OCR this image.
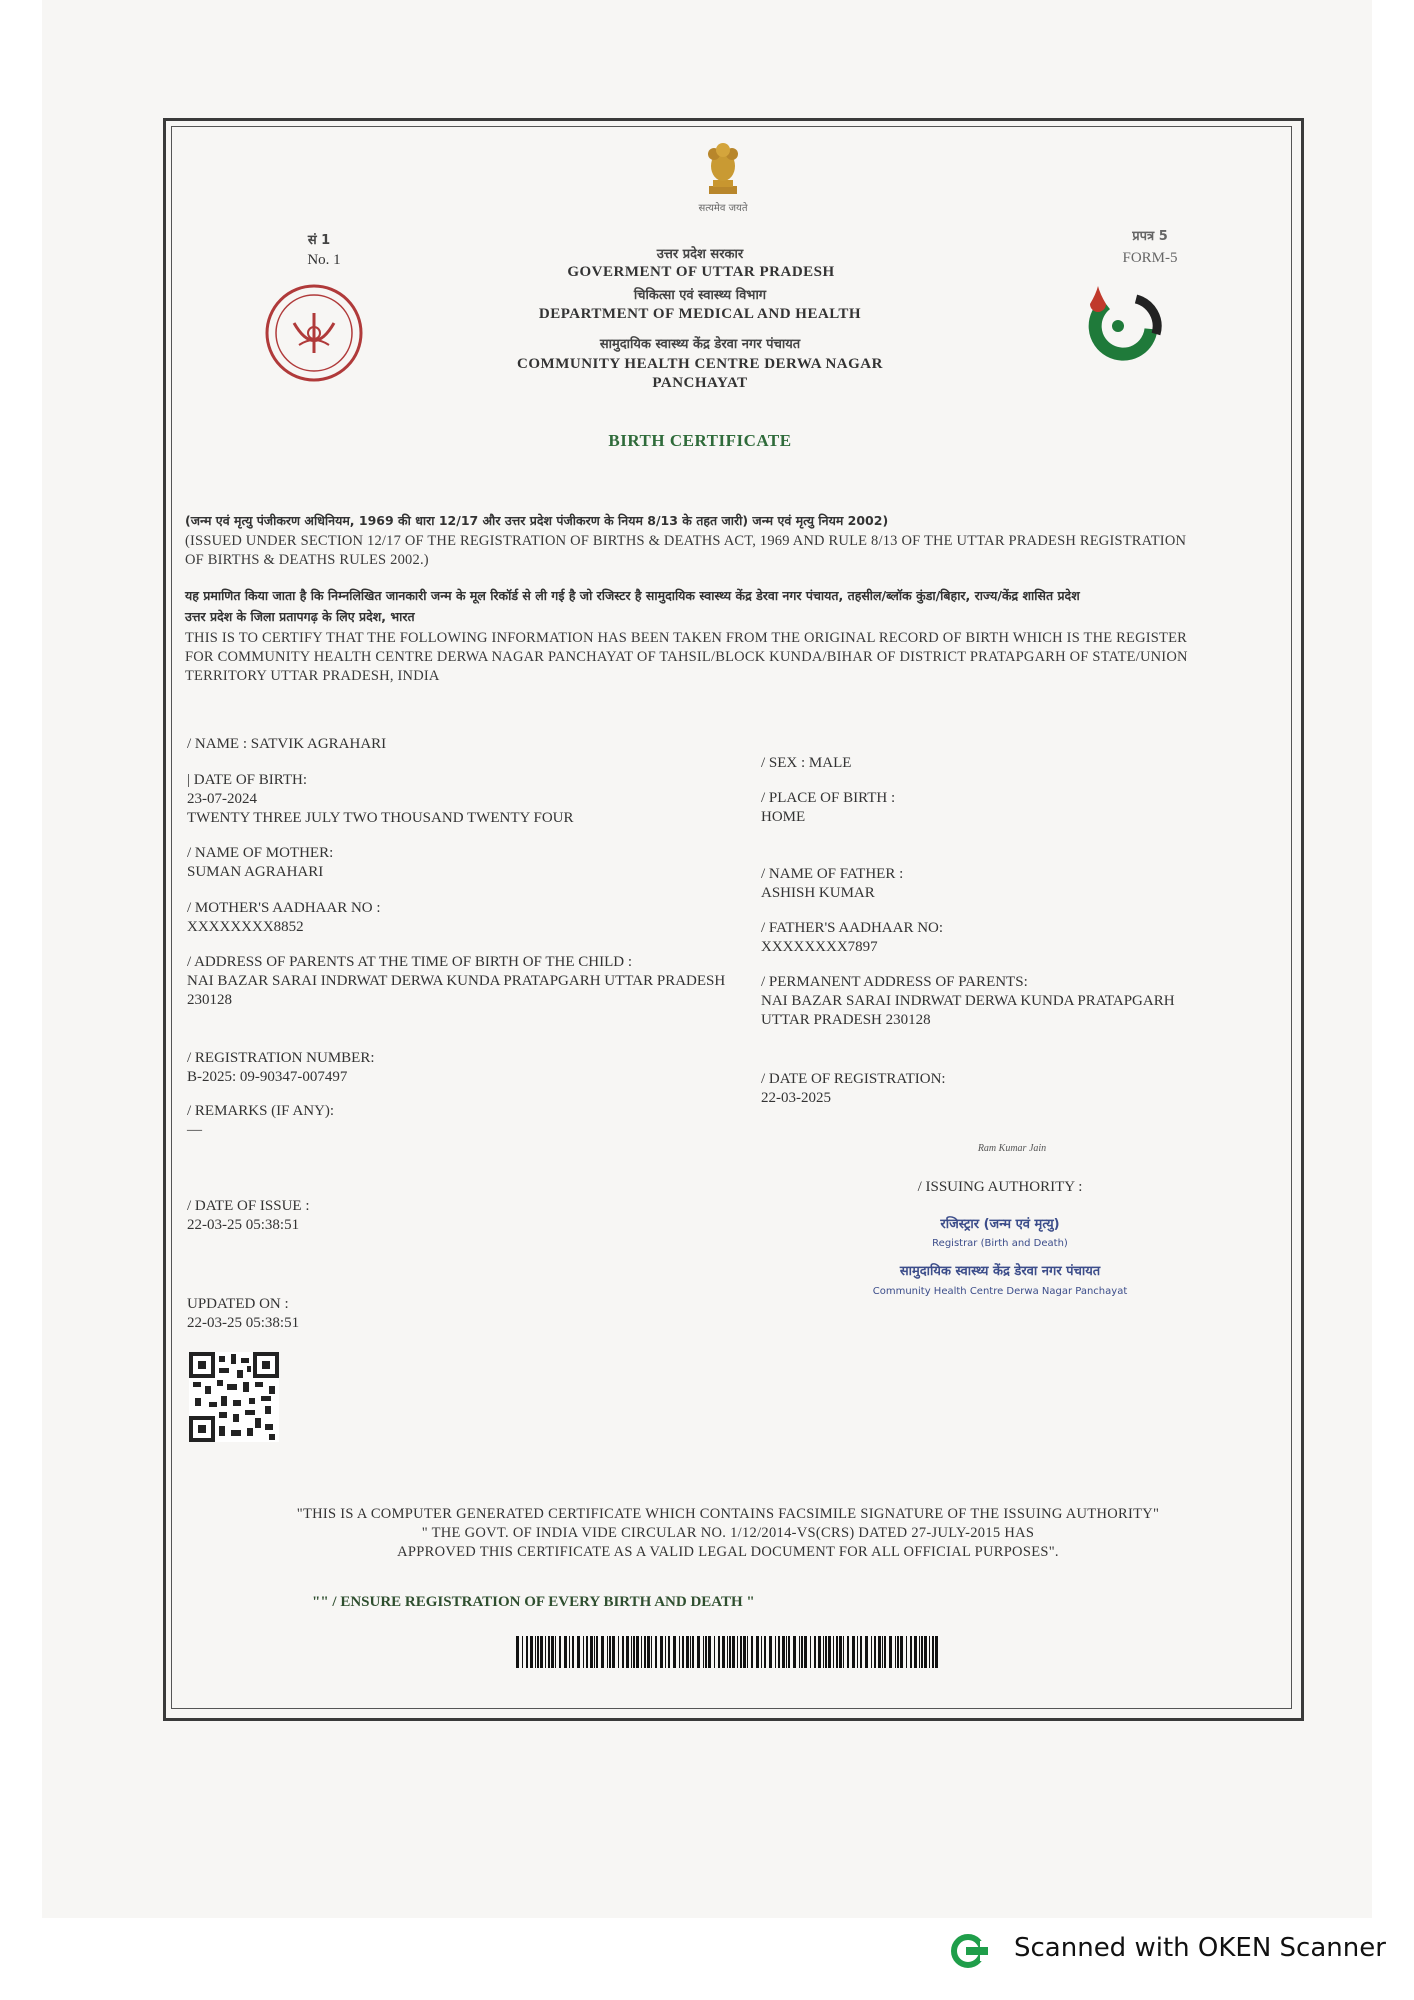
सत्यमेव जयते
सं 1
No. 1	उत्तर प्रदेश सरकार
GOVERMENT OF UTTAR PRADESH
चिकित्सा एवं स्वास्थ्य विभाग
DEPARTMENT OF MEDICAL AND HEALTH
सामुदायिक स्वास्थ्य केंद्र डेरवा नगर पंचायत
COMMUNITY HEALTH CENTRE DERWA NAGAR
PANCHAYAT
प्रपत्र 5
FORM-5
BIRTH CERTIFICATE
(जन्म एवं मृत्यु पंजीकरण अधिनियम, 1969 की धारा 12/17 और उत्तर प्रदेश पंजीकरण के नियम 8/13 के तहत जारी) जन्म एवं मृत्यु नियम 2002)
(ISSUED UNDER SECTION 12/17 OF THE REGISTRATION OF BIRTHS & DEATHS ACT, 1969 AND RULE 8/13 OF THE UTTAR PRADESH REGISTRATION
OF BIRTHS & DEATHS RULES 2002.)
यह प्रमाणित किया जाता है कि निम्नलिखित जानकारी जन्म के मूल रिकॉर्ड से ली गई है जो रजिस्टर है सामुदायिक स्वास्थ्य केंद्र डेरवा नगर पंचायत, तहसील/ब्लॉक कुंडा/बिहार, राज्य/केंद्र शासित प्रदेश
उत्तर प्रदेश के जिला प्रतापगढ़ के लिए प्रदेश, भारत
THIS IS TO CERTIFY THAT THE FOLLOWING INFORMATION HAS BEEN TAKEN FROM THE ORIGINAL RECORD OF BIRTH WHICH IS THE REGISTER
FOR COMMUNITY HEALTH CENTRE DERWA NAGAR PANCHAYAT OF TAHSIL/BLOCK KUNDA/BIHAR OF DISTRICT PRATAPGARH OF STATE/UNION
TERRITORY UTTAR PRADESH, INDIA
/ NAME : SATVIK AGRAHARI
| DATE OF BIRTH:
23-07-2024
TWENTY THREE JULY TWO THOUSAND TWENTY FOUR
/ NAME OF MOTHER:
SUMAN AGRAHARI
/ MOTHER'S AADHAAR NO :
XXXXXXXX8852
/ ADDRESS OF PARENTS AT THE TIME OF BIRTH OF THE CHILD :
NAI BAZAR SARAI INDRWAT DERWA KUNDA PRATAPGARH UTTAR PRADESH
230128
/ REGISTRATION NUMBER:
B-2025: 09-90347-007497
/ REMARKS (IF ANY):
—
/ DATE OF ISSUE :
22-03-25 05:38:51
UPDATED ON :
22-03-25 05:38:51
/ SEX : MALE
/ PLACE OF BIRTH :
HOME
/ NAME OF FATHER :
ASHISH KUMAR
/ FATHER'S AADHAAR NO:
XXXXXXXX7897
/ PERMANENT ADDRESS OF PARENTS:
NAI BAZAR SARAI INDRWAT DERWA KUNDA PRATAPGARH
UTTAR PRADESH 230128
/ DATE OF REGISTRATION:
22-03-2025
Ram Kumar Jain
/ ISSUING AUTHORITY :
रजिस्ट्रार (जन्म एवं मृत्यु)
Registrar (Birth and Death)
सामुदायिक स्वास्थ्य केंद्र डेरवा नगर पंचायत
Community Health Centre Derwa Nagar Panchayat
"THIS IS A COMPUTER GENERATED CERTIFICATE WHICH CONTAINS FACSIMILE SIGNATURE OF THE ISSUING AUTHORITY"
" THE GOVT. OF INDIA VIDE CIRCULAR NO. 1/12/2014-VS(CRS) DATED 27-JULY-2015 HAS
APPROVED THIS CERTIFICATE AS A VALID LEGAL DOCUMENT FOR ALL OFFICIAL PURPOSES".
"" / ENSURE REGISTRATION OF EVERY BIRTH AND DEATH "
Scanned with OKEN Scanner
